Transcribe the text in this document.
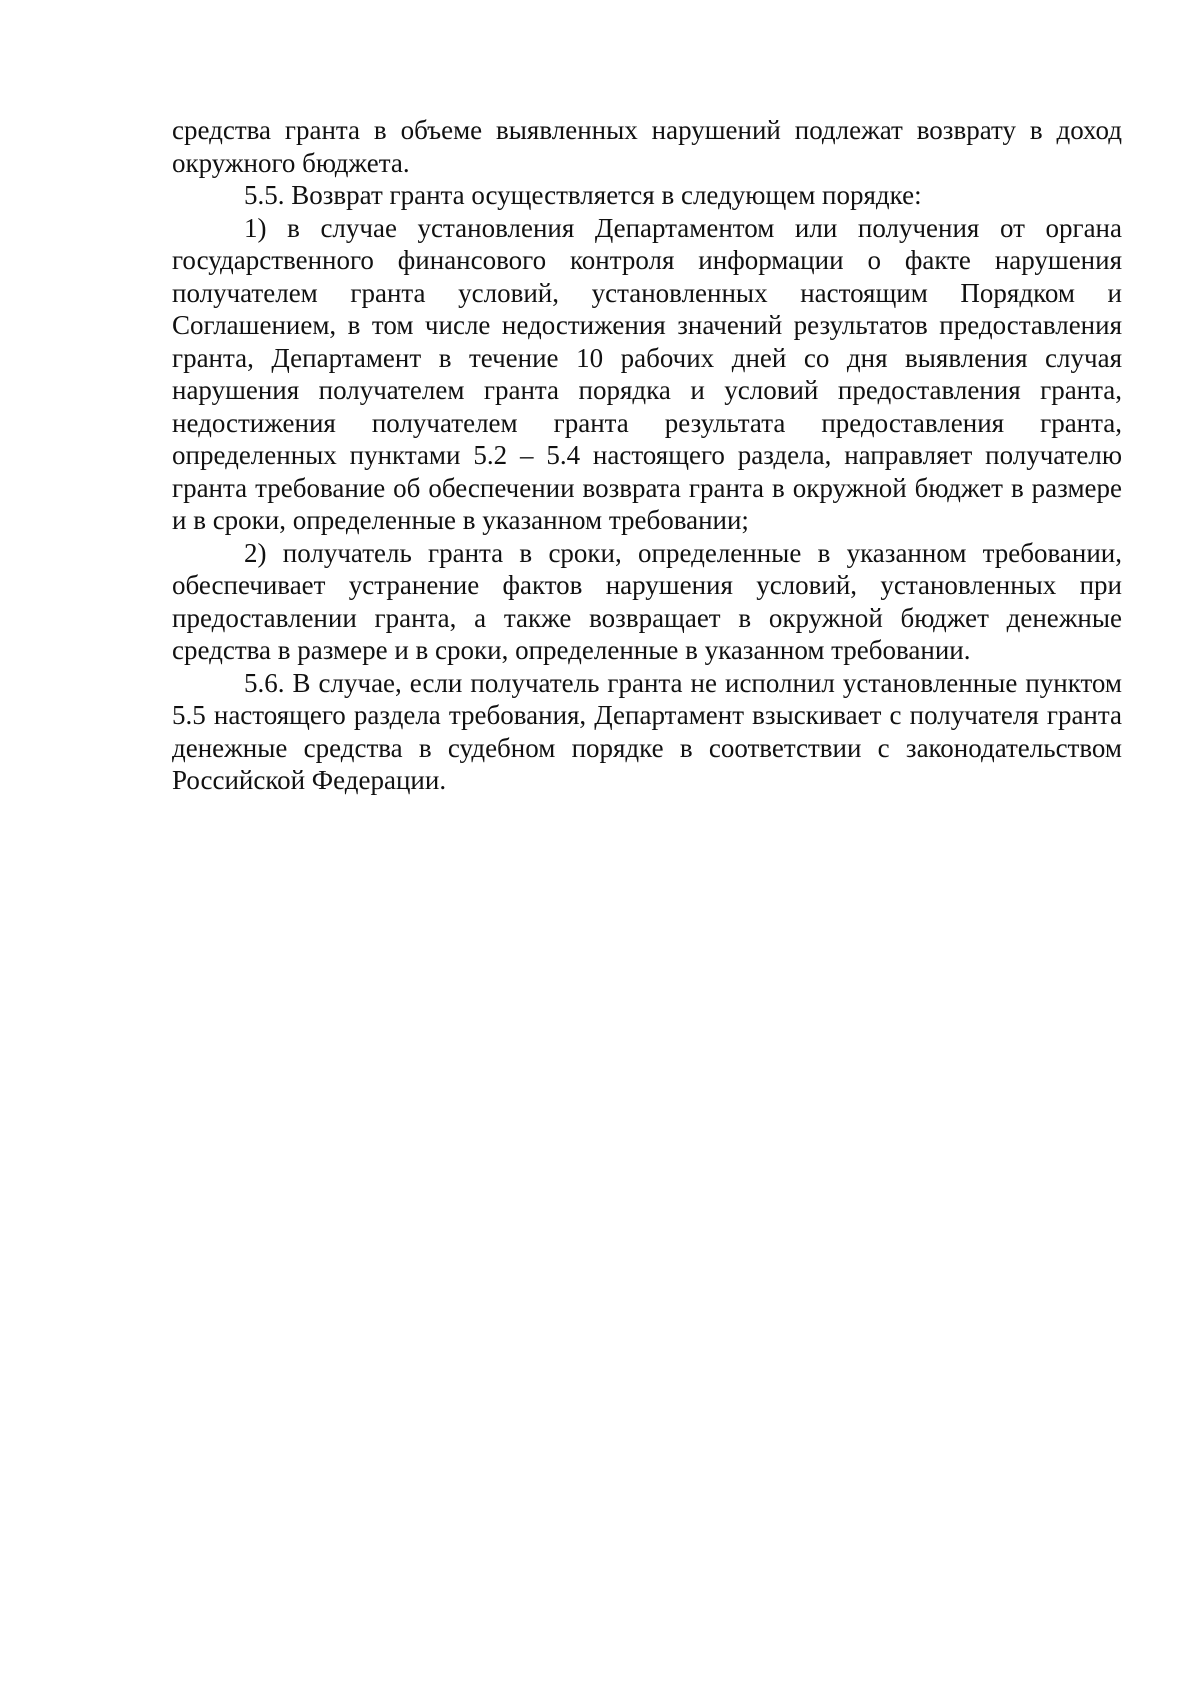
средства гранта в объеме выявленных нарушений подлежат возврату в доход окружного бюджета.

5.5. Возврат гранта осуществляется в следующем порядке:

1) в случае установления Департаментом или получения от органа государственного финансового контроля информации о факте нарушения получателем гранта условий, установленных настоящим Порядком и Соглашением, в том числе недостижения значений результатов предоставления гранта, Департамент в течение 10 рабочих дней со дня выявления случая нарушения получателем гранта порядка и условий предоставления гранта, недостижения получателем гранта результата предоставления гранта, определенных пунктами 5.2 – 5.4 настоящего раздела, направляет получателю гранта требование об обеспечении возврата гранта в окружной бюджет в размере и в сроки, определенные в указанном требовании;

2) получатель гранта в сроки, определенные в указанном требовании, обеспечивает устранение фактов нарушения условий, установленных при предоставлении гранта, а также возвращает в окружной бюджет денежные средства в размере и в сроки, определенные в указанном требовании.

5.6. В случае, если получатель гранта не исполнил установленные пунктом 5.5 настоящего раздела требования, Департамент взыскивает с получателя гранта денежные средства в судебном порядке в соответствии с законодательством Российской Федерации.
